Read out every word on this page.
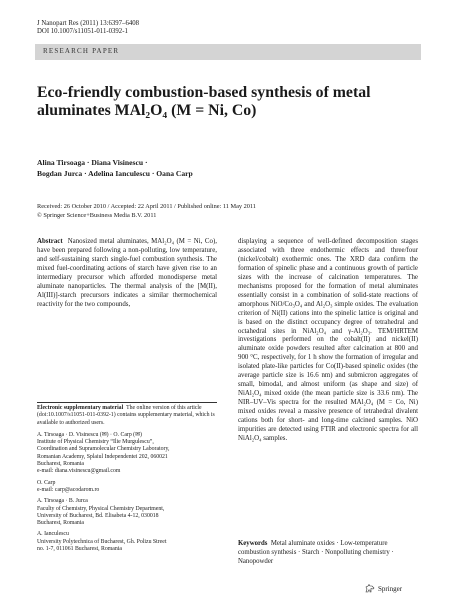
J Nanopart Res (2011) 13:6397–6408
DOI 10.1007/s11051-011-0392-1
RESEARCH PAPER
Eco-friendly combustion-based synthesis of metal aluminates MAl₂O₄ (M = Ni, Co)
Alina Tirsoaga · Diana Visinescu ·
Bogdan Jurca · Adelina Ianculescu · Oana Carp
Received: 26 October 2010 / Accepted: 22 April 2011 / Published online: 11 May 2011
© Springer Science+Business Media B.V. 2011
Abstract Nanosized metal aluminates, MAl₂O₄ (M = Ni, Co), have been prepared following a non-polluting, low temperature, and self-sustaining starch single-fuel combustion synthesis. The mixed fuel-coordinating actions of starch have given rise to an intermediary precursor which afforded monodisperse metal aluminate nanoparticles. The thermal analysis of the [M(II), Al(III)]-starch precursors indicates a similar thermochemical reactivity for the two compounds,
displaying a sequence of well-defined decomposition stages associated with three endothermic effects and three/four (nickel/cobalt) exothermic ones. The XRD data confirm the formation of spinelic phase and a continuous growth of particle sizes with the increase of calcination temperatures. The mechanisms proposed for the formation of metal aluminates essentially consist in a combination of solid-state reactions of amorphous NiO/Co₃O₄ and Al₂O₃ simple oxides. The evaluation criterion of Ni(II) cations into the spinelic lattice is original and is based on the distinct occupancy degree of tetrahedral and octahedral sites in NiAl₂O₄ and γ-Al₂O₃. TEM/HRTEM investigations performed on the cobalt(II) and nickel(II) aluminate oxide powders resulted after calcination at 800 and 900 °C, respectively, for 1 h show the formation of irregular and isolated plate-like particles for Co(II)-based spinelic oxides (the average particle size is 16.6 nm) and submicron aggregates of small, bimodal, and almost uniform (as shape and size) of NiAl₂O₄ mixed oxide (the mean particle size is 33.6 nm). The NIR–UV–Vis spectra for the resulted MAl₂O₄ (M = Co, Ni) mixed oxides reveal a massive presence of tetrahedral divalent cations both for short- and long-time calcined samples. NiO impurities are detected using FTIR and electronic spectra for all NiAl₂O₄ samples.
Electronic supplementary material The online version of this article (doi:10.1007/s11051-011-0392-1) contains supplementary material, which is available to authorized users.
A. Tirsoaga · D. Visinescu (✉) · O. Carp (✉)
Institute of Physical Chemistry “Ilie Murgulescu”,
Coordination and Supramolecular Chemistry Laboratory,
Romanian Academy, Splaiul Independentei 202, 060021
Bucharest, Romania
e-mail: diana.visinescu@gmail.com
O. Carp
e-mail: carp@acodarom.ro
A. Tirsoaga · B. Jurca
Faculty of Chemistry, Physical Chemistry Department,
University of Bucharest, Bd. Elisabeta 4-12, 030018
Bucharest, Romania
A. Ianculescu
University Polytechnica of Bucharest, Gh. Polizu Street
no. 1-7, 011061 Bucharest, Romania
Keywords Metal aluminate oxides · Low-temperature combustion synthesis · Starch · Nonpolluting chemistry · Nanopowder
Springer
